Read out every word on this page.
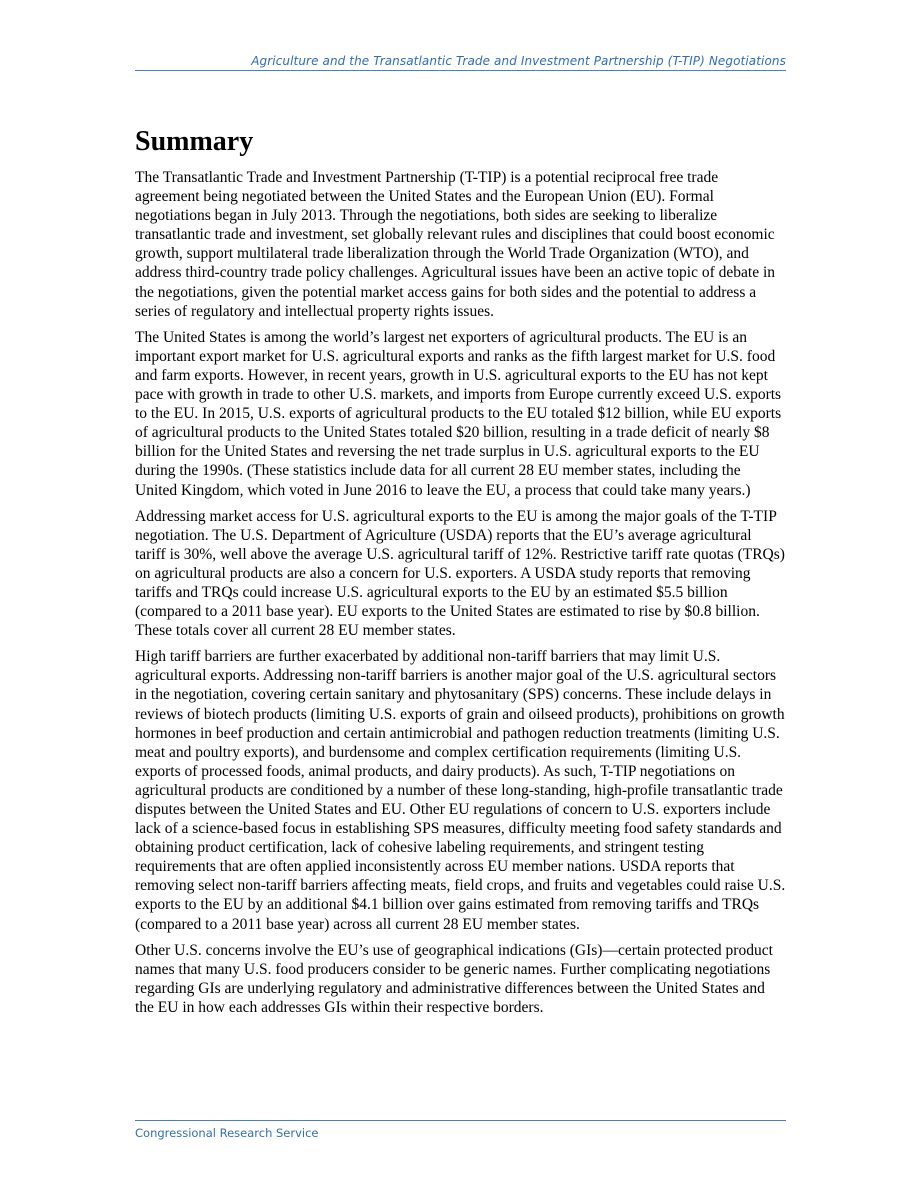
Agriculture and the Transatlantic Trade and Investment Partnership (T-TIP) Negotiations
Summary

The Transatlantic Trade and Investment Partnership (T-TIP) is a potential reciprocal free trade agreement being negotiated between the United States and the European Union (EU). Formal negotiations began in July 2013. Through the negotiations, both sides are seeking to liberalize transatlantic trade and investment, set globally relevant rules and disciplines that could boost economic growth, support multilateral trade liberalization through the World Trade Organization (WTO), and address third-country trade policy challenges. Agricultural issues have been an active topic of debate in the negotiations, given the potential market access gains for both sides and the potential to address a series of regulatory and intellectual property rights issues.

The United States is among the world’s largest net exporters of agricultural products. The EU is an important export market for U.S. agricultural exports and ranks as the fifth largest market for U.S. food and farm exports. However, in recent years, growth in U.S. agricultural exports to the EU has not kept pace with growth in trade to other U.S. markets, and imports from Europe currently exceed U.S. exports to the EU. In 2015, U.S. exports of agricultural products to the EU totaled $12 billion, while EU exports of agricultural products to the United States totaled $20 billion, resulting in a trade deficit of nearly $8 billion for the United States and reversing the net trade surplus in U.S. agricultural exports to the EU during the 1990s. (These statistics include data for all current 28 EU member states, including the United Kingdom, which voted in June 2016 to leave the EU, a process that could take many years.)

Addressing market access for U.S. agricultural exports to the EU is among the major goals of the T-TIP negotiation. The U.S. Department of Agriculture (USDA) reports that the EU’s average agricultural tariff is 30%, well above the average U.S. agricultural tariff of 12%. Restrictive tariff rate quotas (TRQs) on agricultural products are also a concern for U.S. exporters. A USDA study reports that removing tariffs and TRQs could increase U.S. agricultural exports to the EU by an estimated $5.5 billion (compared to a 2011 base year). EU exports to the United States are estimated to rise by $0.8 billion. These totals cover all current 28 EU member states.

High tariff barriers are further exacerbated by additional non-tariff barriers that may limit U.S. agricultural exports. Addressing non-tariff barriers is another major goal of the U.S. agricultural sectors in the negotiation, covering certain sanitary and phytosanitary (SPS) concerns. These include delays in reviews of biotech products (limiting U.S. exports of grain and oilseed products), prohibitions on growth hormones in beef production and certain antimicrobial and pathogen reduction treatments (limiting U.S. meat and poultry exports), and burdensome and complex certification requirements (limiting U.S. exports of processed foods, animal products, and dairy products). As such, T-TIP negotiations on agricultural products are conditioned by a number of these long-standing, high-profile transatlantic trade disputes between the United States and EU. Other EU regulations of concern to U.S. exporters include lack of a science-based focus in establishing SPS measures, difficulty meeting food safety standards and obtaining product certification, lack of cohesive labeling requirements, and stringent testing requirements that are often applied inconsistently across EU member nations. USDA reports that removing select non-tariff barriers affecting meats, field crops, and fruits and vegetables could raise U.S. exports to the EU by an additional $4.1 billion over gains estimated from removing tariffs and TRQs (compared to a 2011 base year) across all current 28 EU member states.

Other U.S. concerns involve the EU’s use of geographical indications (GIs)—certain protected product names that many U.S. food producers consider to be generic names. Further complicating negotiations regarding GIs are underlying regulatory and administrative differences between the United States and the EU in how each addresses GIs within their respective borders.

Congressional Research Service
